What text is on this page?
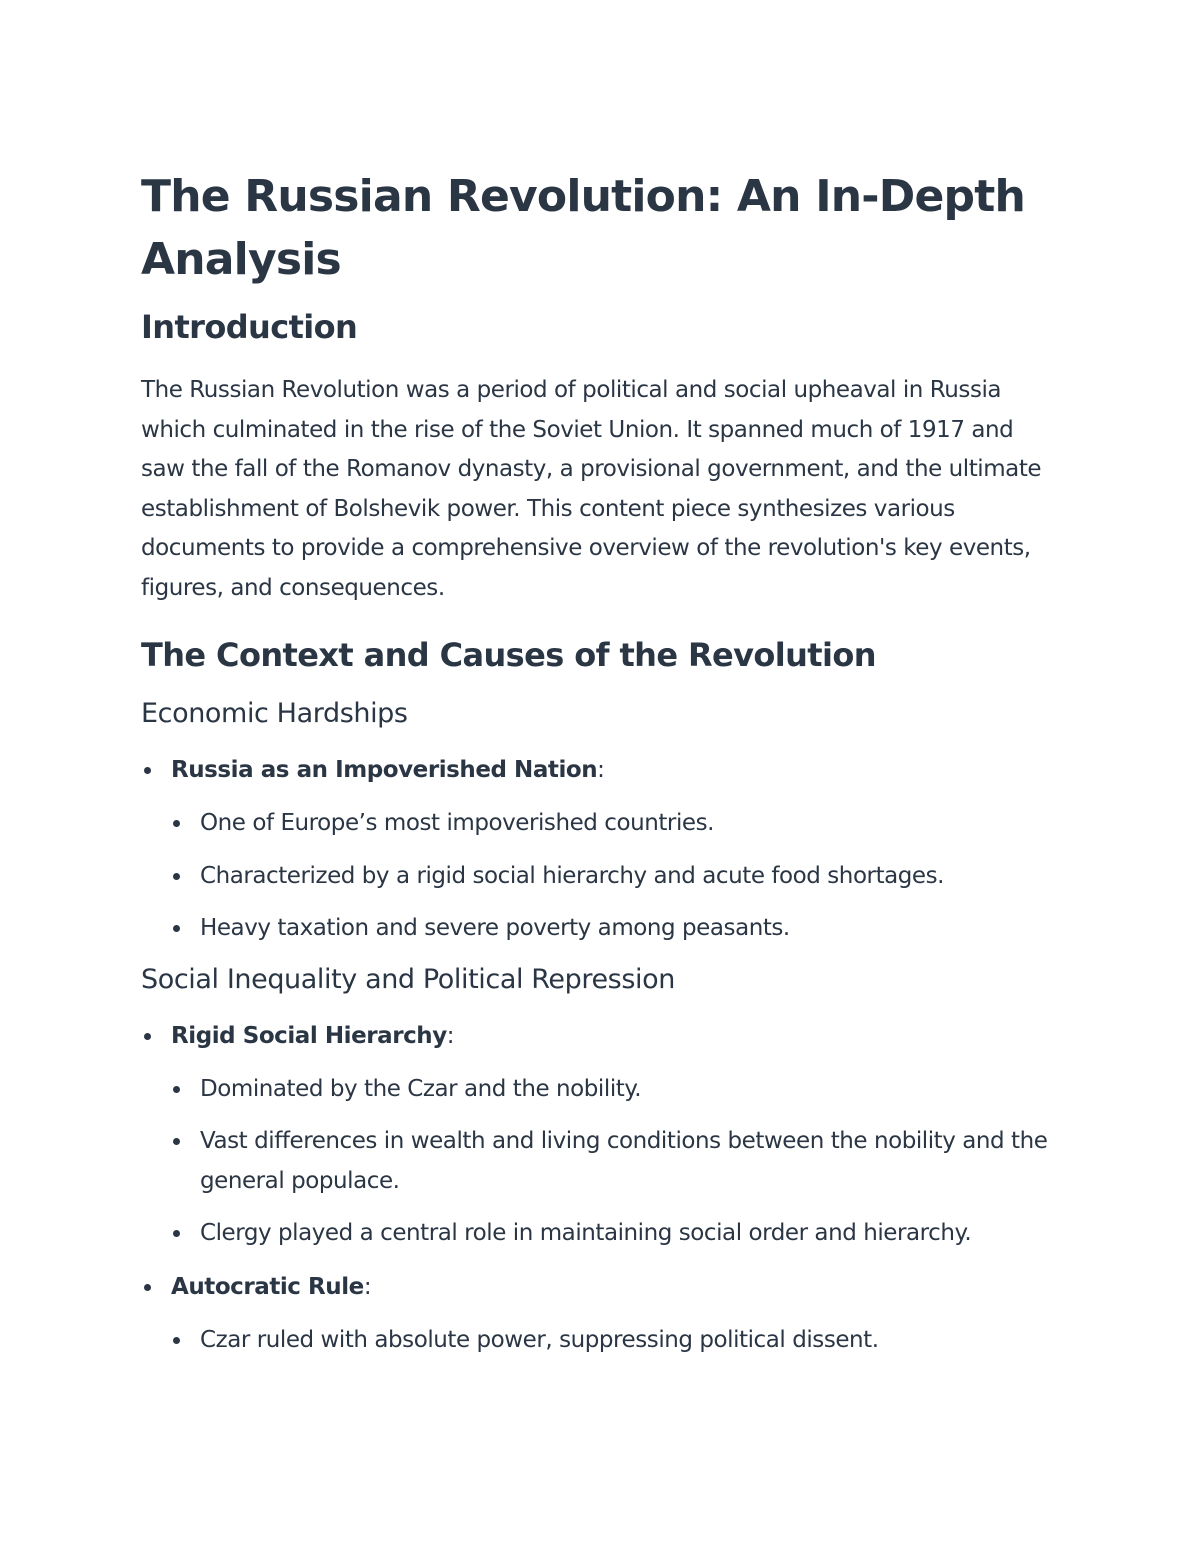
The Russian Revolution: An In-Depth Analysis
Introduction

The Russian Revolution was a period of political and social upheaval in Russia which culminated in the rise of the Soviet Union. It spanned much of 1917 and saw the fall of the Romanov dynasty, a provisional government, and the ultimate establishment of Bolshevik power. This content piece synthesizes various documents to provide a comprehensive overview of the revolution's key events, figures, and consequences.

The Context and Causes of the Revolution
Economic Hardships
Russia as an Impoverished Nation:
One of Europe’s most impoverished countries.
Characterized by a rigid social hierarchy and acute food shortages.
Heavy taxation and severe poverty among peasants.
Social Inequality and Political Repression
Rigid Social Hierarchy:
Dominated by the Czar and the nobility.
Vast differences in wealth and living conditions between the nobility and the general populace.
Clergy played a central role in maintaining social order and hierarchy.
Autocratic Rule:
Czar ruled with absolute power, suppressing political dissent.
